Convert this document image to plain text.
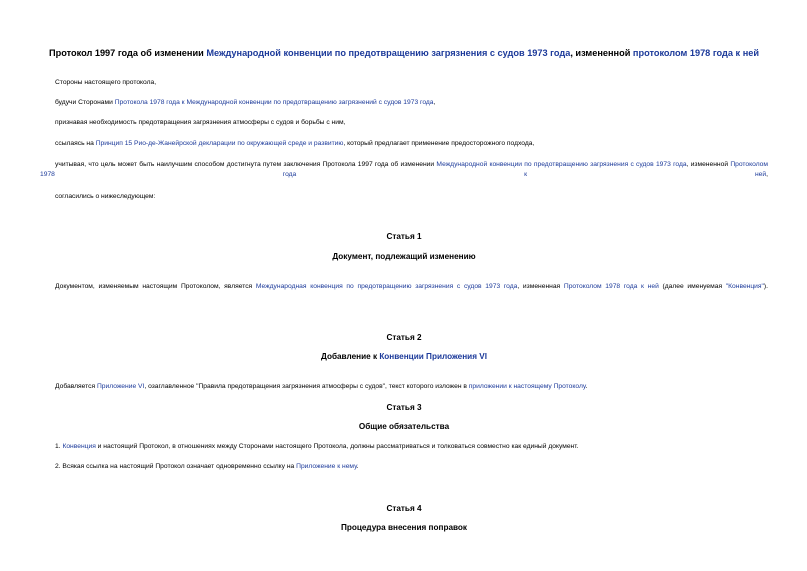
Протокол 1997 года об изменении Международной конвенции по предотвращению загрязнения с судов 1973 года, измененной протоколом 1978 года к ней
Стороны настоящего протокола,
будучи Сторонами Протокола 1978 года к Международной конвенции по предотвращению загрязнений с судов 1973 года,
признавая необходимость предотвращения загрязнения атмосферы с судов и борьбы с ним,
ссылаясь на Принцип 15 Рио-де-Жанейрской декларации по окружающей среде и развитию, который предлагает применение предосторожного подхода,
учитывая, что цель может быть наилучшим способом достигнута путем заключения Протокола 1997 года об изменении Международной конвенции по предотвращению загрязнения с судов 1973 года, измененной Протоколом 1978 года к ней,
согласились о нижеследующем:
Статья 1
Документ, подлежащий изменению
Документом, изменяемым настоящим Протоколом, является Международная конвенция по предотвращению загрязнения с судов 1973 года, измененная Протоколом 1978 года к ней (далее именуемая "Конвенция").
Статья 2
Добавление к Конвенции Приложения VI
Добавляется Приложение VI, озаглавленное "Правила предотвращения загрязнения атмосферы с судов", текст которого изложен в приложении к настоящему Протоколу.
Статья 3
Общие обязательства
1. Конвенция и настоящий Протокол, в отношениях между Сторонами настоящего Протокола, должны рассматриваться и толковаться совместно как единый документ.
2. Всякая ссылка на настоящий Протокол означает одновременно ссылку на Приложение к нему.
Статья 4
Процедура внесения поправок
